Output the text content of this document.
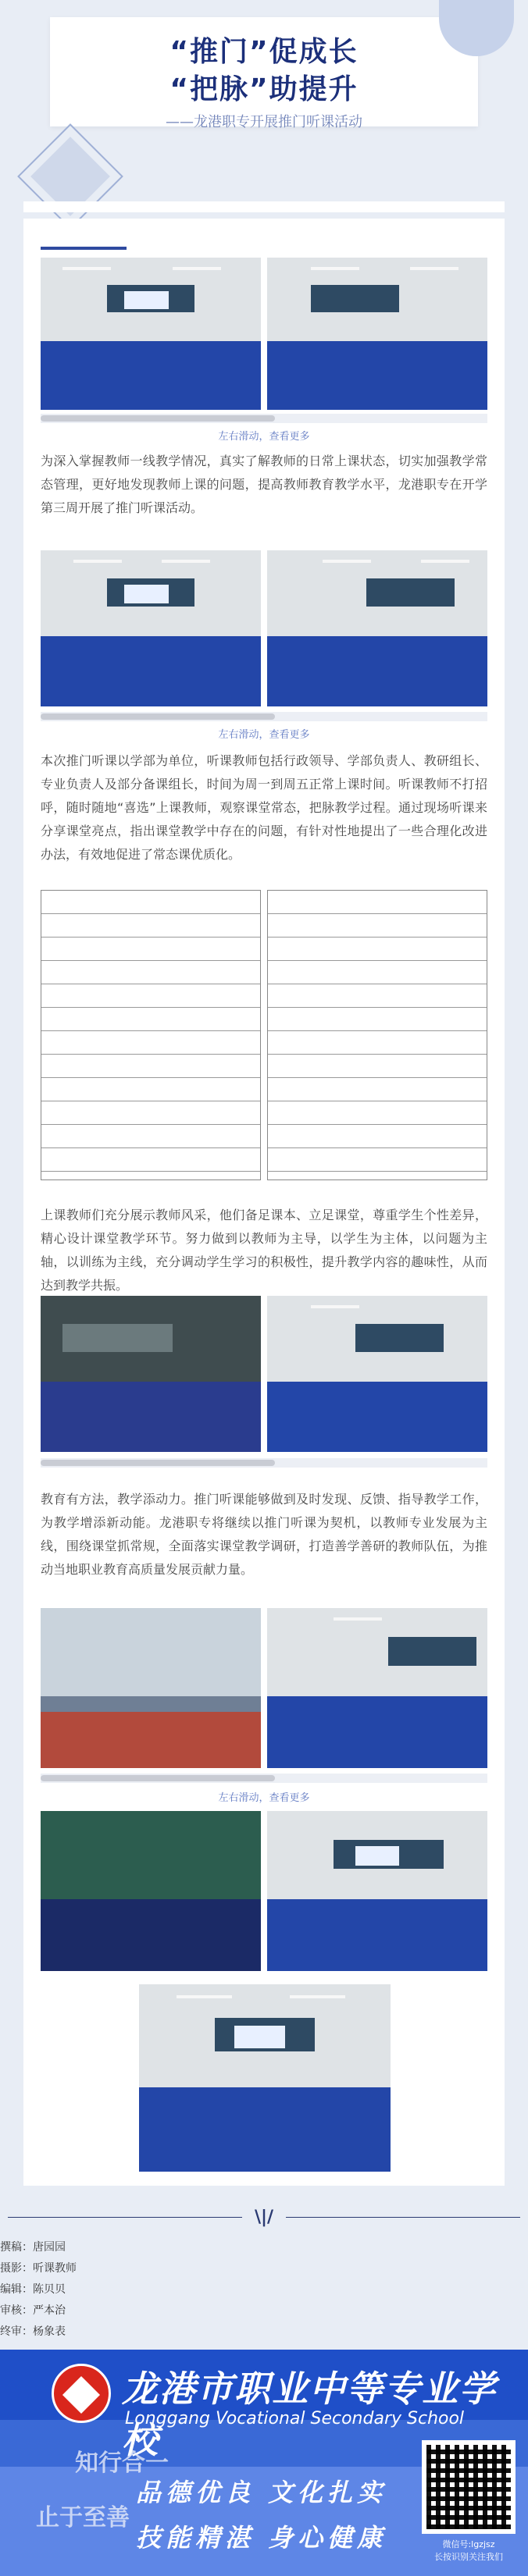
“推门”促成长
“把脉”助提升
——龙港职专开展推门听课活动
左右滑动，查看更多
为深入掌握教师一线教学情况，真实了解教师的日常上课状态，切实加强教学常态管理，更好地发现教师上课的问题，提高教师教育教学水平，龙港职专在开学第三周开展了推门听课活动。
左右滑动，查看更多
本次推门听课以学部为单位，听课教师包括行政领导、学部负责人、教研组长、专业负责人及部分备课组长，时间为周一到周五正常上课时间。听课教师不打招呼，随时随地“喜选”上课教师，观察课堂常态，把脉教学过程。通过现场听课来分享课堂亮点，指出课堂教学中存在的问题，有针对性地提出了一些合理化改进办法，有效地促进了常态课优质化。
上课教师们充分展示教师风采，他们备足课本、立足课堂，尊重学生个性差异，精心设计课堂教学环节。努力做到以教师为主导，以学生为主体，以问题为主轴，以训练为主线，充分调动学生学习的积极性，提升教学内容的趣味性，从而达到教学共振。
教育有方法，教学添动力。推门听课能够做到及时发现、反馈、指导教学工作，为教学增添新动能。龙港职专将继续以推门听课为契机，以教师专业发展为主线，围绕课堂抓常规，全面落实课堂教学调研，打造善学善研的教师队伍，为推动当地职业教育高质量发展贡献力量。
左右滑动，查看更多
\|/
撰稿：唐园园
摄影：听课教师
编辑：陈贝贝
审核：严本治
终审：杨象表
龙港市职业中等专业学校
Longgang Vocational Secondary School
知行合一
止于至善
品德优良 文化扎实
技能精湛 身心健康	微信号:lgzjsz
长按识别关注我们
